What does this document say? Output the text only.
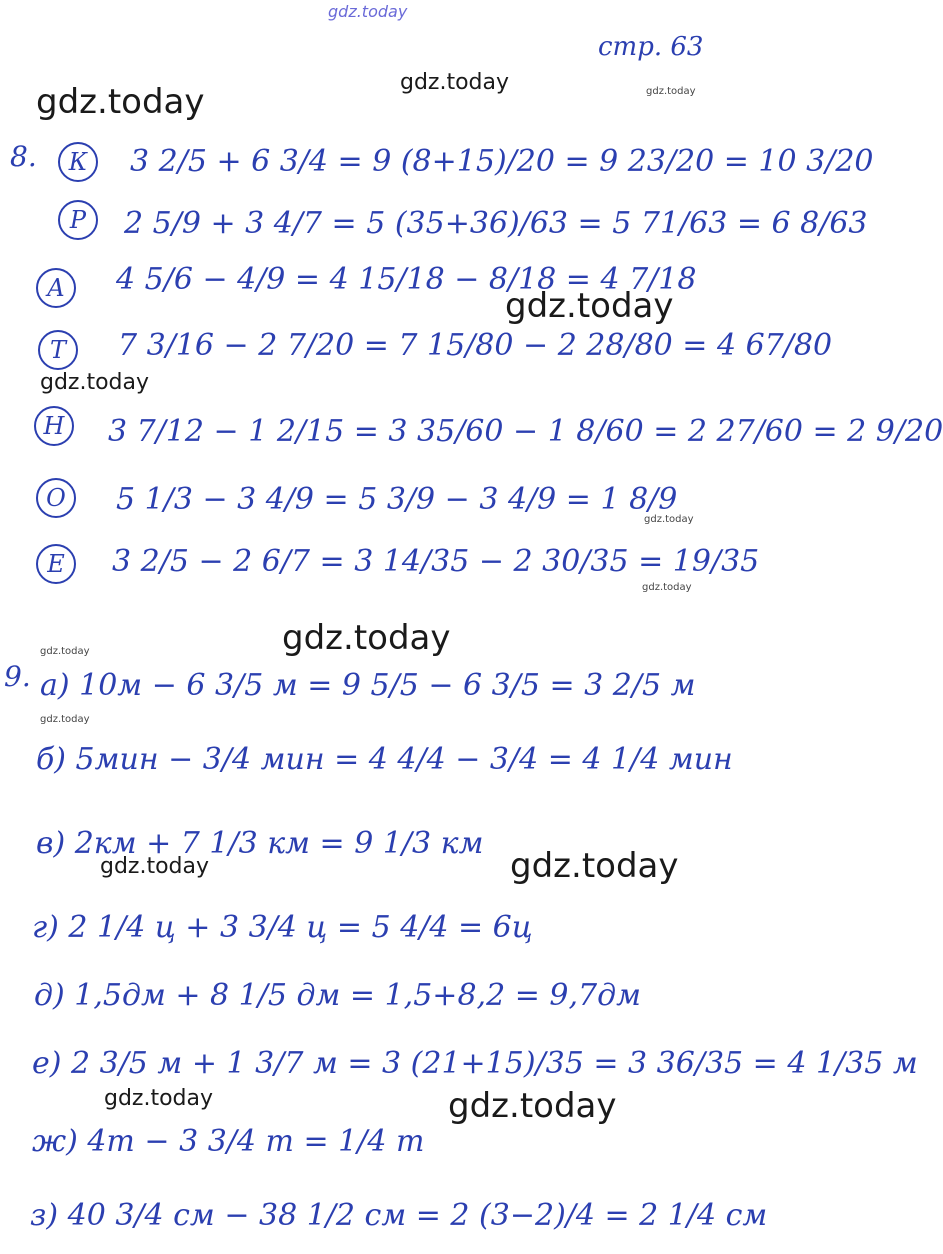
стр. 63
gdz.today
gdz.today	gdz.today	gdz.today
gdz.today
gdz.today
gdz.today
gdz.today
gdz.today
gdz.today
gdz.today
gdz.today	gdz.today
gdz.today	gdz.today
8.	К	3 2/5 + 6 3/4 = 9 (8+15)/20 = 9 23/20 = 10 3/20
Р	2 5/9 + 3 4/7 = 5 (35+36)/63 = 5 71/63 = 6 8/63
А	4 5/6 − 4/9 = 4 15/18 − 8/18 = 4 7/18
Т	7 3/16 − 2 7/20 = 7 15/80 − 2 28/80 = 4 67/80
Н	3 7/12 − 1 2/15 = 3 35/60 − 1 8/60 = 2 27/60 = 2 9/20
О	5 1/3 − 3 4/9 = 5 3/9 − 3 4/9 = 1 8/9
Е	3 2/5 − 2 6/7 = 3 14/35 − 2 30/35 = 19/35
9. а) 10м − 6 3/5 м = 9 5/5 − 6 3/5 = 3 2/5 м
б) 5мин − 3/4 мин = 4 4/4 − 3/4 = 4 1/4 мин
в) 2км + 7 1/3 км = 9 1/3 км
г) 2 1/4 ц + 3 3/4 ц = 5 4/4 = 6ц
д) 1,5дм + 8 1/5 дм = 1,5+8,2 = 9,7дм
е) 2 3/5 м + 1 3/7 м = 3 (21+15)/35 = 3 36/35 = 4 1/35 м
ж) 4т − 3 3/4 т = 1/4 т
з) 40 3/4 см − 38 1/2 см = 2 (3−2)/4 = 2 1/4 см
